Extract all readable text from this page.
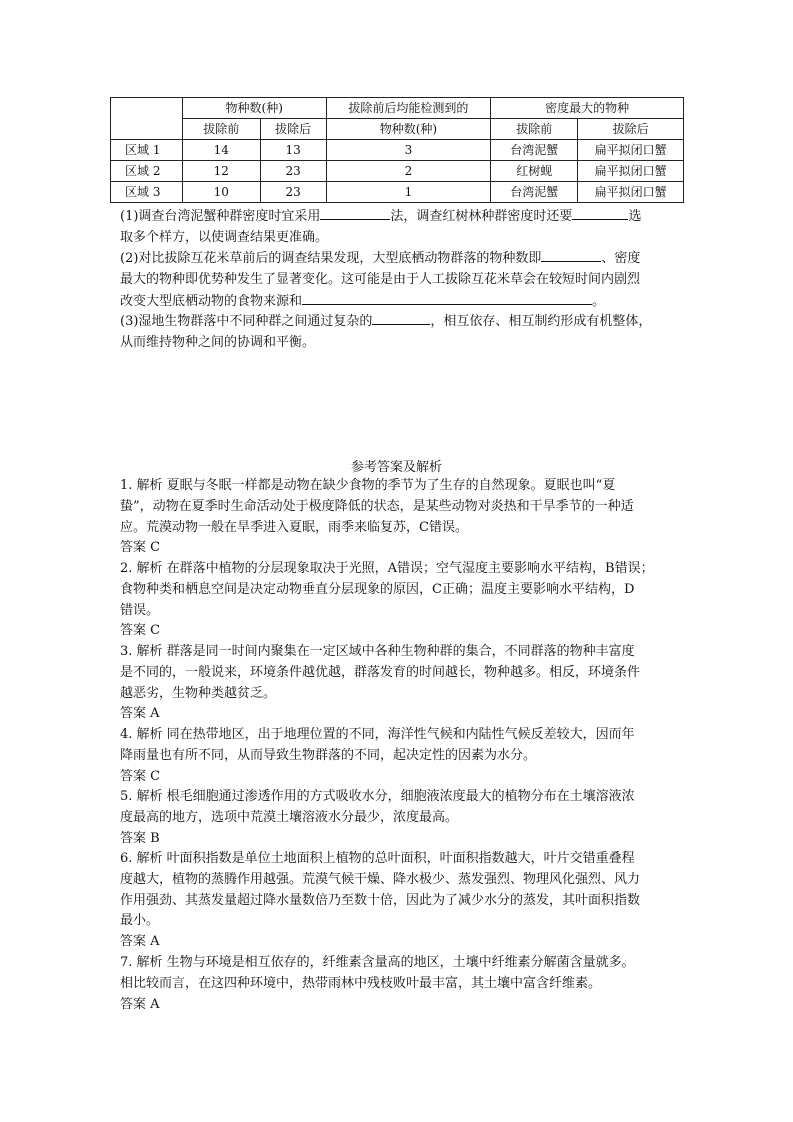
	物种数(种)		拔除前后均能检测到的	密度最大的物种	
	拔除前	拔除后	物种数(种)	拔除前	拔除后
区域 1	14	13	3	台湾泥蟹	扁平拟闭口蟹
区域 2	12	23	2	红树蚬	扁平拟闭口蟹
区域 3	10	23	1	台湾泥蟹	扁平拟闭口蟹
(1)调查台湾泥蟹种群密度时宜采用	法，调查红树林种群密度时还要	选
取多个样方，以使调查结果更准确。
(2)对比拔除互花米草前后的调查结果发现，大型底栖动物群落的物种数即	、密度
最大的物种即优势种发生了显著变化。这可能是由于人工拔除互花米草会在较短时间内剧烈
改变大型底栖动物的食物来源和	。
(3)湿地生物群落中不同种群之间通过复杂的	，相互依存、相互制约形成有机整体，
从而维持物种之间的协调和平衡。
参考答案及解析

1. 解析 夏眠与冬眠一样都是动物在缺少食物的季节为了生存的自然现象。夏眠也叫“夏

蛰”，动物在夏季时生命活动处于极度降低的状态，是某些动物对炎热和干旱季节的一种适

应。荒漠动物一般在旱季进入夏眠，雨季来临复苏，C错误。

答案 C

2. 解析 在群落中植物的分层现象取决于光照，A错误；空气湿度主要影响水平结构，B错误；

食物种类和栖息空间是决定动物垂直分层现象的原因，C正确；温度主要影响水平结构，D

错误。

答案 C

3. 解析 群落是同一时间内聚集在一定区域中各种生物种群的集合，不同群落的物种丰富度

是不同的，一般说来，环境条件越优越，群落发育的时间越长，物种越多。相反，环境条件

越恶劣，生物种类越贫乏。

答案 A

4. 解析 同在热带地区，出于地理位置的不同，海洋性气候和内陆性气候反差较大，因而年

降雨量也有所不同，从而导致生物群落的不同，起决定性的因素为水分。

答案 C

5. 解析 根毛细胞通过渗透作用的方式吸收水分，细胞液浓度最大的植物分布在土壤溶液浓

度最高的地方，选项中荒漠土壤溶液水分最少，浓度最高。

答案 B

6. 解析 叶面积指数是单位土地面积上植物的总叶面积，叶面积指数越大，叶片交错重叠程

度越大，植物的蒸腾作用越强。荒漠气候干燥、降水极少、蒸发强烈、物理风化强烈、风力

作用强劲、其蒸发量超过降水量数倍乃至数十倍，因此为了减少水分的蒸发，其叶面积指数

最小。

答案 A

7. 解析 生物与环境是相互依存的，纤维素含量高的地区，土壤中纤维素分解菌含量就多。

相比较而言，在这四种环境中，热带雨林中残枝败叶最丰富，其土壤中富含纤维素。

答案 A
